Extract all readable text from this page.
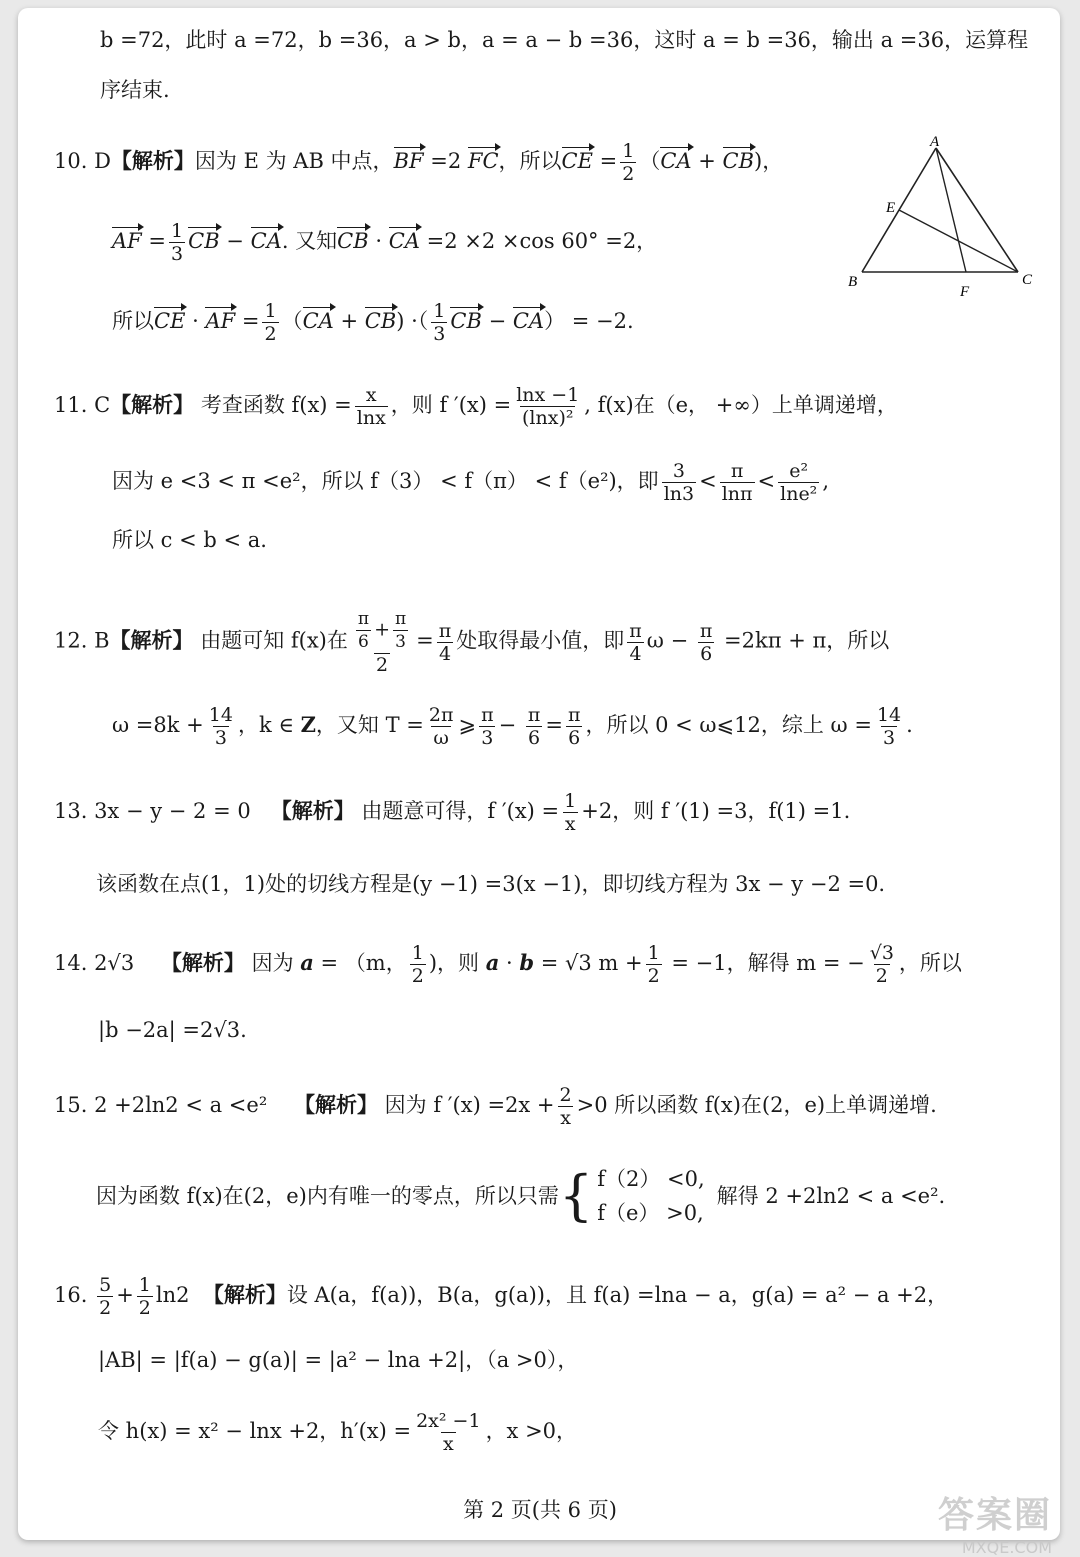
b =72，此时 a =72，b =36，a > b，a = a − b =36，这时 a = b =36，输出 a =36，运算程
序结束.
10. D【解析】因为 E 为 AB 中点，BF =2 FC，所以CE = $\frac{1}{2} (CA + CB)$，
AF = $\frac{1}{3}$ CB − CA. 又知CB · CA =2 ×2 ×cos 60° =2，
所以CE · AF = $\frac{1}{2} (CA + CB)$ ·（ $\frac{1}{3}$ CB − CA） = −2.
A
B	C
E
F
11. C【解析】 考查函数 $f(x) = \frac{x}{\ln x}$ ，则 f $'(x) = \frac{\ln x -1}{\text{(lnx)²}}$ , f(x)在（e， +∞）上单调递增，
因为 e <3 < π <e²，所以 f（3） < f（π） < f（e²)，即 $\frac{3}{\ln 3} < \frac{\pi}{\ln\pi} < \frac{\text{e²}}{\text{lne²}}$ ,
所以 c < b < a.
12. B【解析】 由题可知 f(x)在 $\frac{\frac{\pi}{6} + \frac{\pi}{3}}{2} = \frac{\pi}{4}$ 处取得最小值，即 $\frac{\pi}{4}$ $\omega - \frac{\pi}{6} =2k\pi + \pi$，所以
$\omega =8k + \frac{14}{3}$ ，k ∈ Z，又知 $T = \frac{2\pi}{\omega}$ ⩾ $\frac{\pi}{3} - \frac{\pi}{6} = \frac{\pi}{6}$ ，所以 0 < ω⩽12，综上 $\omega = \frac{14}{3}$ .
13. 3x − y − 2 = 0 【解析】 由题意可得，f $'(x) = \frac{1}{x} +2$，则 f ′(1) =3，f(1) =1.
该函数在点(1，1)处的切线方程是(y −1) =3(x −1)，即切线方程为 3x − y −2 =0.
14. 2√3 【解析】 因为 a = （m， $\frac{1}{2}$ )，则 a · b = √3 $m + \frac{1}{2} = -1$，解得 m = − $\frac{√3}{2}$ ，所以
|b −2a| =2√3.
15. 2 +2ln2 < a <e² 【解析】 因为 f $'(x) =2x + \frac{2}{x} >0$ 所以函数 f(x)在(2，e)上单调递增.
因为函数 f(x)在(2，e)内有唯一的零点，所以只需{ f（2） <0,
f（e） >0,
解得 2 +2ln2 < a <e².
16. $\frac{5}{2} + \frac{1}{2} \ln 2$  【解析】设 A(a，f(a))，B(a，g(a))，且 f(a) =lna − a，g(a) = a² − a +2，
|AB| = |f(a) − g(a)| = |a² − lna +2|，（a >0），
令 h(x) = x² − lnx +2，$h'(x) = \frac{\text{2x² −1}}{x}$ ，x >0，
第 2 页(共 6 页)	答案圈
MXQE.COM
